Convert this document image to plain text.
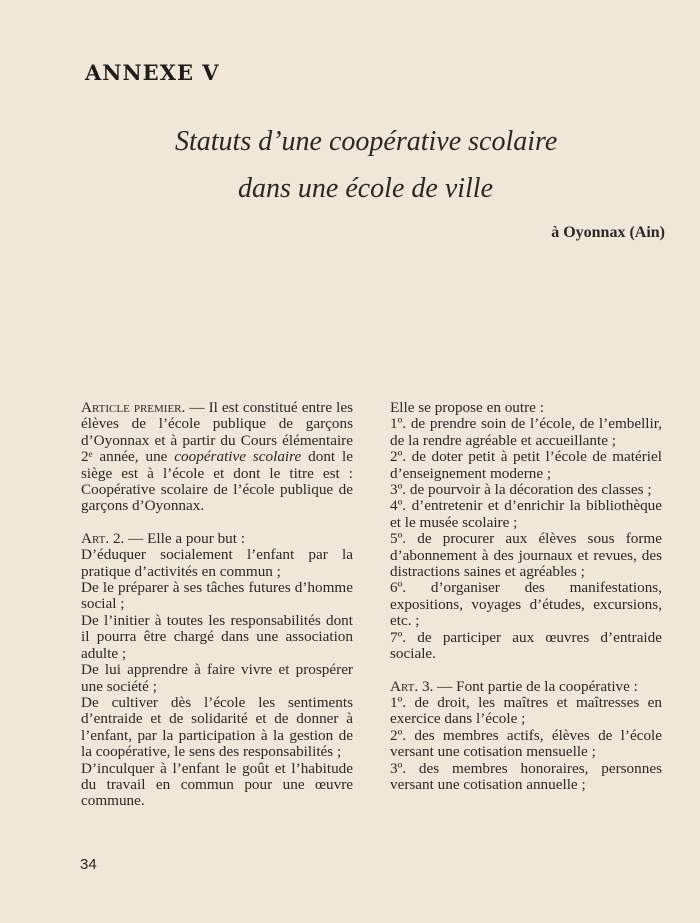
ANNEXE V
Statuts d’une coopérative scolaire
dans une école de ville
à Oyonnax (Ain)

Article premier. — Il est constitué entre les élèves de l’école publique de garçons d’Oyonnax et à partir du Cours élémentaire 2ᵉ année, une coopérative scolaire dont le siège est à l’école et dont le titre est : Coopérative scolaire de l’école publique de garçons d’Oyonnax.

Art. 2. — Elle a pour but :
D’éduquer socialement l’enfant par la pratique d’activités en commun ;
De le préparer à ses tâches futures d’homme social ;
De l’initier à toutes les responsabilités dont il pourra être chargé dans une association adulte ;
De lui apprendre à faire vivre et prospérer une société ;
De cultiver dès l’école les sentiments d’entraide et de solidarité et de donner à l’enfant, par la participation à la gestion de la coopérative, le sens des responsabilités ;
D’inculquer à l’enfant le goût et l’habitude du travail en commun pour une œuvre commune.

Elle se propose en outre :
1º. de prendre soin de l’école, de l’embellir, de la rendre agréable et accueillante ;
2º. de doter petit à petit l’école de matériel d’enseignement moderne ;
3º. de pourvoir à la décoration des classes ;
4º. d’entretenir et d’enrichir la bibliothèque et le musée scolaire ;
5º. de procurer aux élèves sous forme d’abonnement à des journaux et revues, des distractions saines et agréables ;
6º. d’organiser des manifestations, expositions, voyages d’études, excursions, etc. ;
7º. de participer aux œuvres d’entraide sociale.

Art. 3. — Font partie de la coopérative :
1º. de droit, les maîtres et maîtresses en exercice dans l’école ;
2º. des membres actifs, élèves de l’école versant une cotisation mensuelle ;
3º. des membres honoraires, personnes versant une cotisation annuelle ;

34
